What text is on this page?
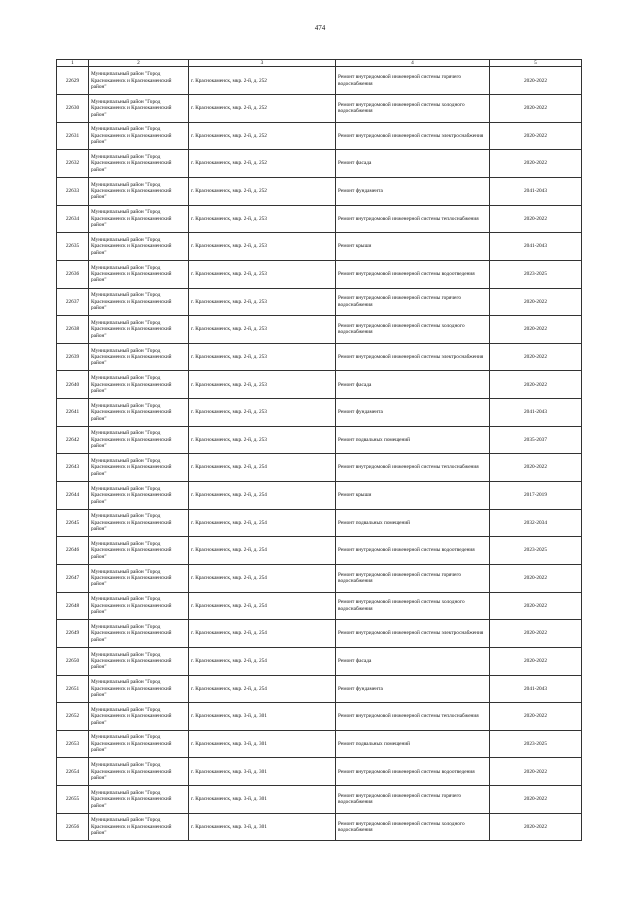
474
1	2	3	4	5
22629	Муниципальный район "Город Краснокаменск и Краснокаменский район"	г. Краснокаменск, мкр. 2-й, д. 252	Ремонт внутридомовой инженерной системы горячего водоснабжения	2020-2022
22630	Муниципальный район "Город Краснокаменск и Краснокаменский район"	г. Краснокаменск, мкр. 2-й, д. 252	Ремонт внутридомовой инженерной системы холодного водоснабжения	2020-2022
22631	Муниципальный район "Город Краснокаменск и Краснокаменский район"	г. Краснокаменск, мкр. 2-й, д. 252	Ремонт внутридомовой инженерной системы электроснабжения	2020-2022
22632	Муниципальный район "Город Краснокаменск и Краснокаменский район"	г. Краснокаменск, мкр. 2-й, д. 252	Ремонт фасада	2020-2022
22633	Муниципальный район "Город Краснокаменск и Краснокаменский район"	г. Краснокаменск, мкр. 2-й, д. 252	Ремонт фундамента	2041-2043
22634	Муниципальный район "Город Краснокаменск и Краснокаменский район"	г. Краснокаменск, мкр. 2-й, д. 253	Ремонт внутридомовой инженерной системы теплоснабжения	2020-2022
22635	Муниципальный район "Город Краснокаменск и Краснокаменский район"	г. Краснокаменск, мкр. 2-й, д. 253	Ремонт крыши	2041-2043
22636	Муниципальный район "Город Краснокаменск и Краснокаменский район"	г. Краснокаменск, мкр. 2-й, д. 253	Ремонт внутридомовой инженерной системы водоотведения	2023-2025
22637	Муниципальный район "Город Краснокаменск и Краснокаменский район"	г. Краснокаменск, мкр. 2-й, д. 253	Ремонт внутридомовой инженерной системы горячего водоснабжения	2020-2022
22638	Муниципальный район "Город Краснокаменск и Краснокаменский район"	г. Краснокаменск, мкр. 2-й, д. 253	Ремонт внутридомовой инженерной системы холодного водоснабжения	2020-2022
22639	Муниципальный район "Город Краснокаменск и Краснокаменский район"	г. Краснокаменск, мкр. 2-й, д. 253	Ремонт внутридомовой инженерной системы электроснабжения	2020-2022
22640	Муниципальный район "Город Краснокаменск и Краснокаменский район"	г. Краснокаменск, мкр. 2-й, д. 253	Ремонт фасада	2020-2022
22641	Муниципальный район "Город Краснокаменск и Краснокаменский район"	г. Краснокаменск, мкр. 2-й, д. 253	Ремонт фундамента	2041-2043
22642	Муниципальный район "Город Краснокаменск и Краснокаменский район"	г. Краснокаменск, мкр. 2-й, д. 253	Ремонт подвальных помещений	2035-2037
22643	Муниципальный район "Город Краснокаменск и Краснокаменский район"	г. Краснокаменск, мкр. 2-й, д. 254	Ремонт внутридомовой инженерной системы теплоснабжения	2020-2022
22644	Муниципальный район "Город Краснокаменск и Краснокаменский район"	г. Краснокаменск, мкр. 2-й, д. 254	Ремонт крыши	2017-2019
22645	Муниципальный район "Город Краснокаменск и Краснокаменский район"	г. Краснокаменск, мкр. 2-й, д. 254	Ремонт подвальных помещений	2032-2034
22646	Муниципальный район "Город Краснокаменск и Краснокаменский район"	г. Краснокаменск, мкр. 2-й, д. 254	Ремонт внутридомовой инженерной системы водоотведения	2023-2025
22647	Муниципальный район "Город Краснокаменск и Краснокаменский район"	г. Краснокаменск, мкр. 2-й, д. 254	Ремонт внутридомовой инженерной системы горячего водоснабжения	2020-2022
22648	Муниципальный район "Город Краснокаменск и Краснокаменский район"	г. Краснокаменск, мкр. 2-й, д. 254	Ремонт внутридомовой инженерной системы холодного водоснабжения	2020-2022
22649	Муниципальный район "Город Краснокаменск и Краснокаменский район"	г. Краснокаменск, мкр. 2-й, д. 254	Ремонт внутридомовой инженерной системы электроснабжения	2020-2022
22650	Муниципальный район "Город Краснокаменск и Краснокаменский район"	г. Краснокаменск, мкр. 2-й, д. 254	Ремонт фасада	2020-2022
22651	Муниципальный район "Город Краснокаменск и Краснокаменский район"	г. Краснокаменск, мкр. 2-й, д. 254	Ремонт фундамента	2041-2043
22652	Муниципальный район "Город Краснокаменск и Краснокаменский район"	г. Краснокаменск, мкр. 3-й, д. 301	Ремонт внутридомовой инженерной системы теплоснабжения	2020-2022
22653	Муниципальный район "Город Краснокаменск и Краснокаменский район"	г. Краснокаменск, мкр. 3-й, д. 301	Ремонт подвальных помещений	2023-2025
22654	Муниципальный район "Город Краснокаменск и Краснокаменский район"	г. Краснокаменск, мкр. 3-й, д. 301	Ремонт внутридомовой инженерной системы водоотведения	2020-2022
22655	Муниципальный район "Город Краснокаменск и Краснокаменский район"	г. Краснокаменск, мкр. 3-й, д. 301	Ремонт внутридомовой инженерной системы горячего водоснабжения	2020-2022
22656	Муниципальный район "Город Краснокаменск и Краснокаменский район"	г. Краснокаменск, мкр. 3-й, д. 301	Ремонт внутридомовой инженерной системы холодного водоснабжения	2020-2022
